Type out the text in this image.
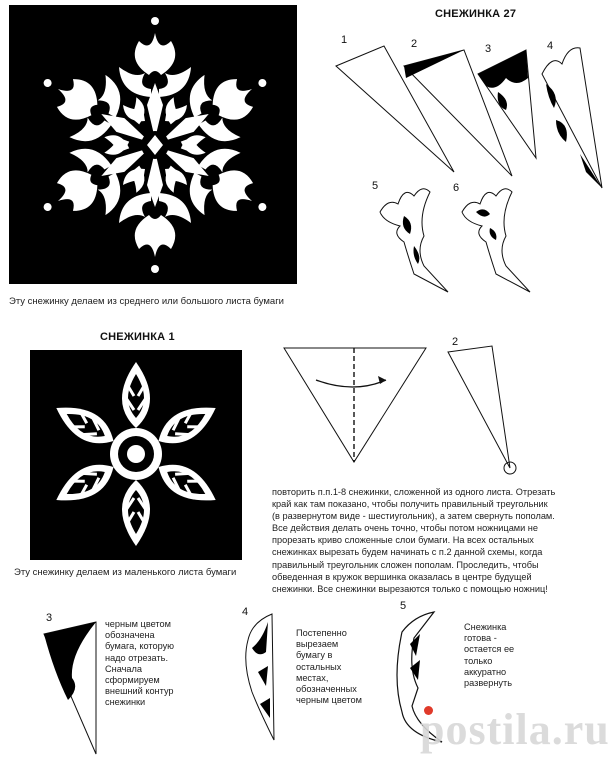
Эту снежинку делаем из среднего или большого листа бумаги
СНЕЖИНКА 27
1	2	3	4
5	6
СНЕЖИНКА 1
Эту снежинку делаем из маленького листа бумаги
2
повторить п.п.1-8 снежинки, сложенной из одного листа. Отрезать
край как там показано, чтобы получить правильный треугольник
(в развернутом виде - шестиугольник), а затем свернуть пополам.
Все действия делать очень точно, чтобы потом ножницами не
прорезать криво сложенные слои бумаги. На всех остальных
снежинках вырезать будем начинать с п.2 данной схемы, когда
правильный треугольник сложен пополам. Проследить, чтобы
обведенная в кружок вершинка оказалась в центре будущей
снежинки. Все снежинки вырезаются только с помощью ножниц!
3	черным цветом
обозначена
бумага, которую
надо отрезать.
Сначала
сформируем
внешний контур
снежинки
4
Постепенно
вырезаем
бумагу в
остальных
местах,
обозначенных
черным цветом
5
Снежинка
готова -
остается ее
только
аккуратно
развернуть
postila.ru
